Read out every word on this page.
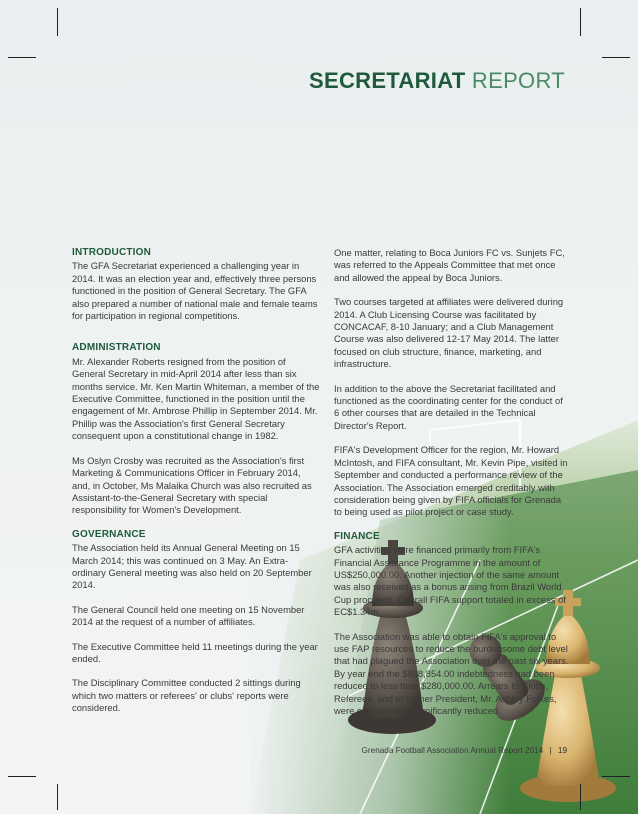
SECRETARIAT REPORT
INTRODUCTION

The GFA Secretariat experienced a challenging year in 2014. It was an election year and, effectively three persons functioned in the position of General Secretary. The GFA also prepared a number of national male and female teams for participation in regional competitions.

ADMINISTRATION

Mr. Alexander Roberts resigned from the position of General Secretary in mid-April 2014 after less than six months service. Mr. Ken Martin Whiteman, a member of the Executive Committee, functioned in the position until the engagement of Mr. Ambrose Phillip in September 2014. Mr. Phillip was the Association's first General Secretary consequent upon a constitutional change in 1982.

Ms Oslyn Crosby was recruited as the Association's first Marketing & Communications Officer in February 2014, and, in October, Ms Malaika Church was also recruited as Assistant-to-the-General Secretary with special responsibility for Women's Development.

GOVERNANCE

The Association held its Annual General Meeting on 15 March 2014; this was continued on 3 May. An Extra-ordinary General meeting was also held on 20 September 2014.

The General Council held one meeting on 15 November 2014 at the request of a number of affiliates.

The Executive Committee held 11 meetings during the year ended.

The Disciplinary Committee conducted 2 sittings during which two matters or referees' or clubs' reports were considered.

One matter, relating to Boca Juniors FC vs. Sunjets FC, was referred to the Appeals Committee that met once and allowed the appeal by Boca Juniors.

Two courses targeted at affiliates were delivered during 2014. A Club Licensing Course was facilitated by CONCACAF, 8-10 January; and a Club Management Course was also delivered 12-17 May 2014. The latter focused on club structure, finance, marketing, and infrastructure.

In addition to the above the Secretariat facilitated and functioned as the coordinating center for the conduct of 6 other courses that are detailed in the Technical Director's Report.

FIFA's Development Officer for the region, Mr. Howard McIntosh, and FIFA consultant, Mr. Kevin Pipe, visited in September and conducted a performance review of the Association. The Association emerged creditably with consideration being given by FIFA officials for Grenada to being used as pilot project or case study.

FINANCE

GFA activities were financed primarily from FIFA's Financial Assistance Programme in the amount of US$250,000.00. Another injection of the same amount was also received as a bonus arising from Brazil World Cup proceeds. Overall FIFA support totaled in excess of EC$1.34m.

The Association was able to obtain FIFA's approval to use FAP resources to reduce the burdensome debt level that had plagued the Association over the past six years. By year end the $888,854.00 indebtedness had been reduced to less than $280,000.00. Arrears to Clubs, Referees, and to former President, Mr. Ashley Folkes, were eliminated or significantly reduced.

Grenada Football Association Annual Report 2014 | 19
